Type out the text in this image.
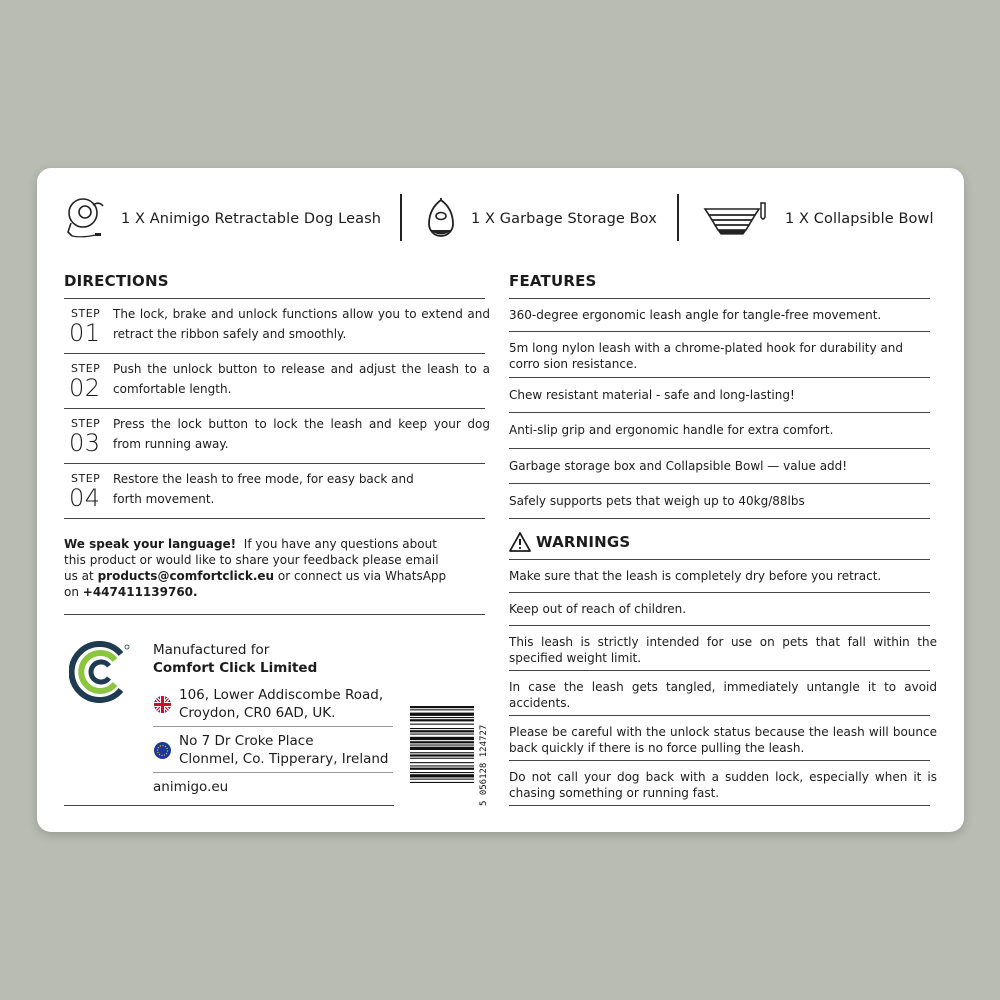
1 X Animigo Retractable Dog Leash	1 X Garbage Storage Box	1 X Collapsible Bowl
DIRECTIONS
STEP
01
The lock, brake and unlock functions allow you to extend and retract the ribbon safely and smoothly.
STEP
02
Push the unlock button to release and adjust the leash to a comfortable length.
STEP
03
Press the lock button to lock the leash and keep your dog from running away.
STEP
04
Restore the leash to free mode, for easy back and forth movement.
We speak your language! If you have any questions about this product or would like to share your feedback please email us at products@comfortclick.eu or connect us via WhatsApp on +447411139760.
Manufactured for
Comfort Click Limited
106, Lower Addiscombe Road,
Croydon, CR0 6AD, UK.
No 7 Dr Croke Place
Clonmel, Co. Tipperary, Ireland
animigo.eu	5 056128 124727
FEATURES
360-degree ergonomic leash angle for tangle-free movement.
5m long nylon leash with a chrome-plated hook for durability and corro sion resistance.
Chew resistant material - safe and long-lasting!
Anti-slip grip and ergonomic handle for extra comfort.
Garbage storage box and Collapsible Bowl — value add!
Safely supports pets that weigh up to 40kg/88lbs
WARNINGS
Make sure that the leash is completely dry before you retract.
Keep out of reach of children.
This leash is strictly intended for use on pets that fall within the specified weight limit.
In case the leash gets tangled, immediately untangle it to avoid accidents.
Please be careful with the unlock status because the leash will bounce back quickly if there is no force pulling the leash.
Do not call your dog back with a sudden lock, especially when it is chasing something or running fast.
